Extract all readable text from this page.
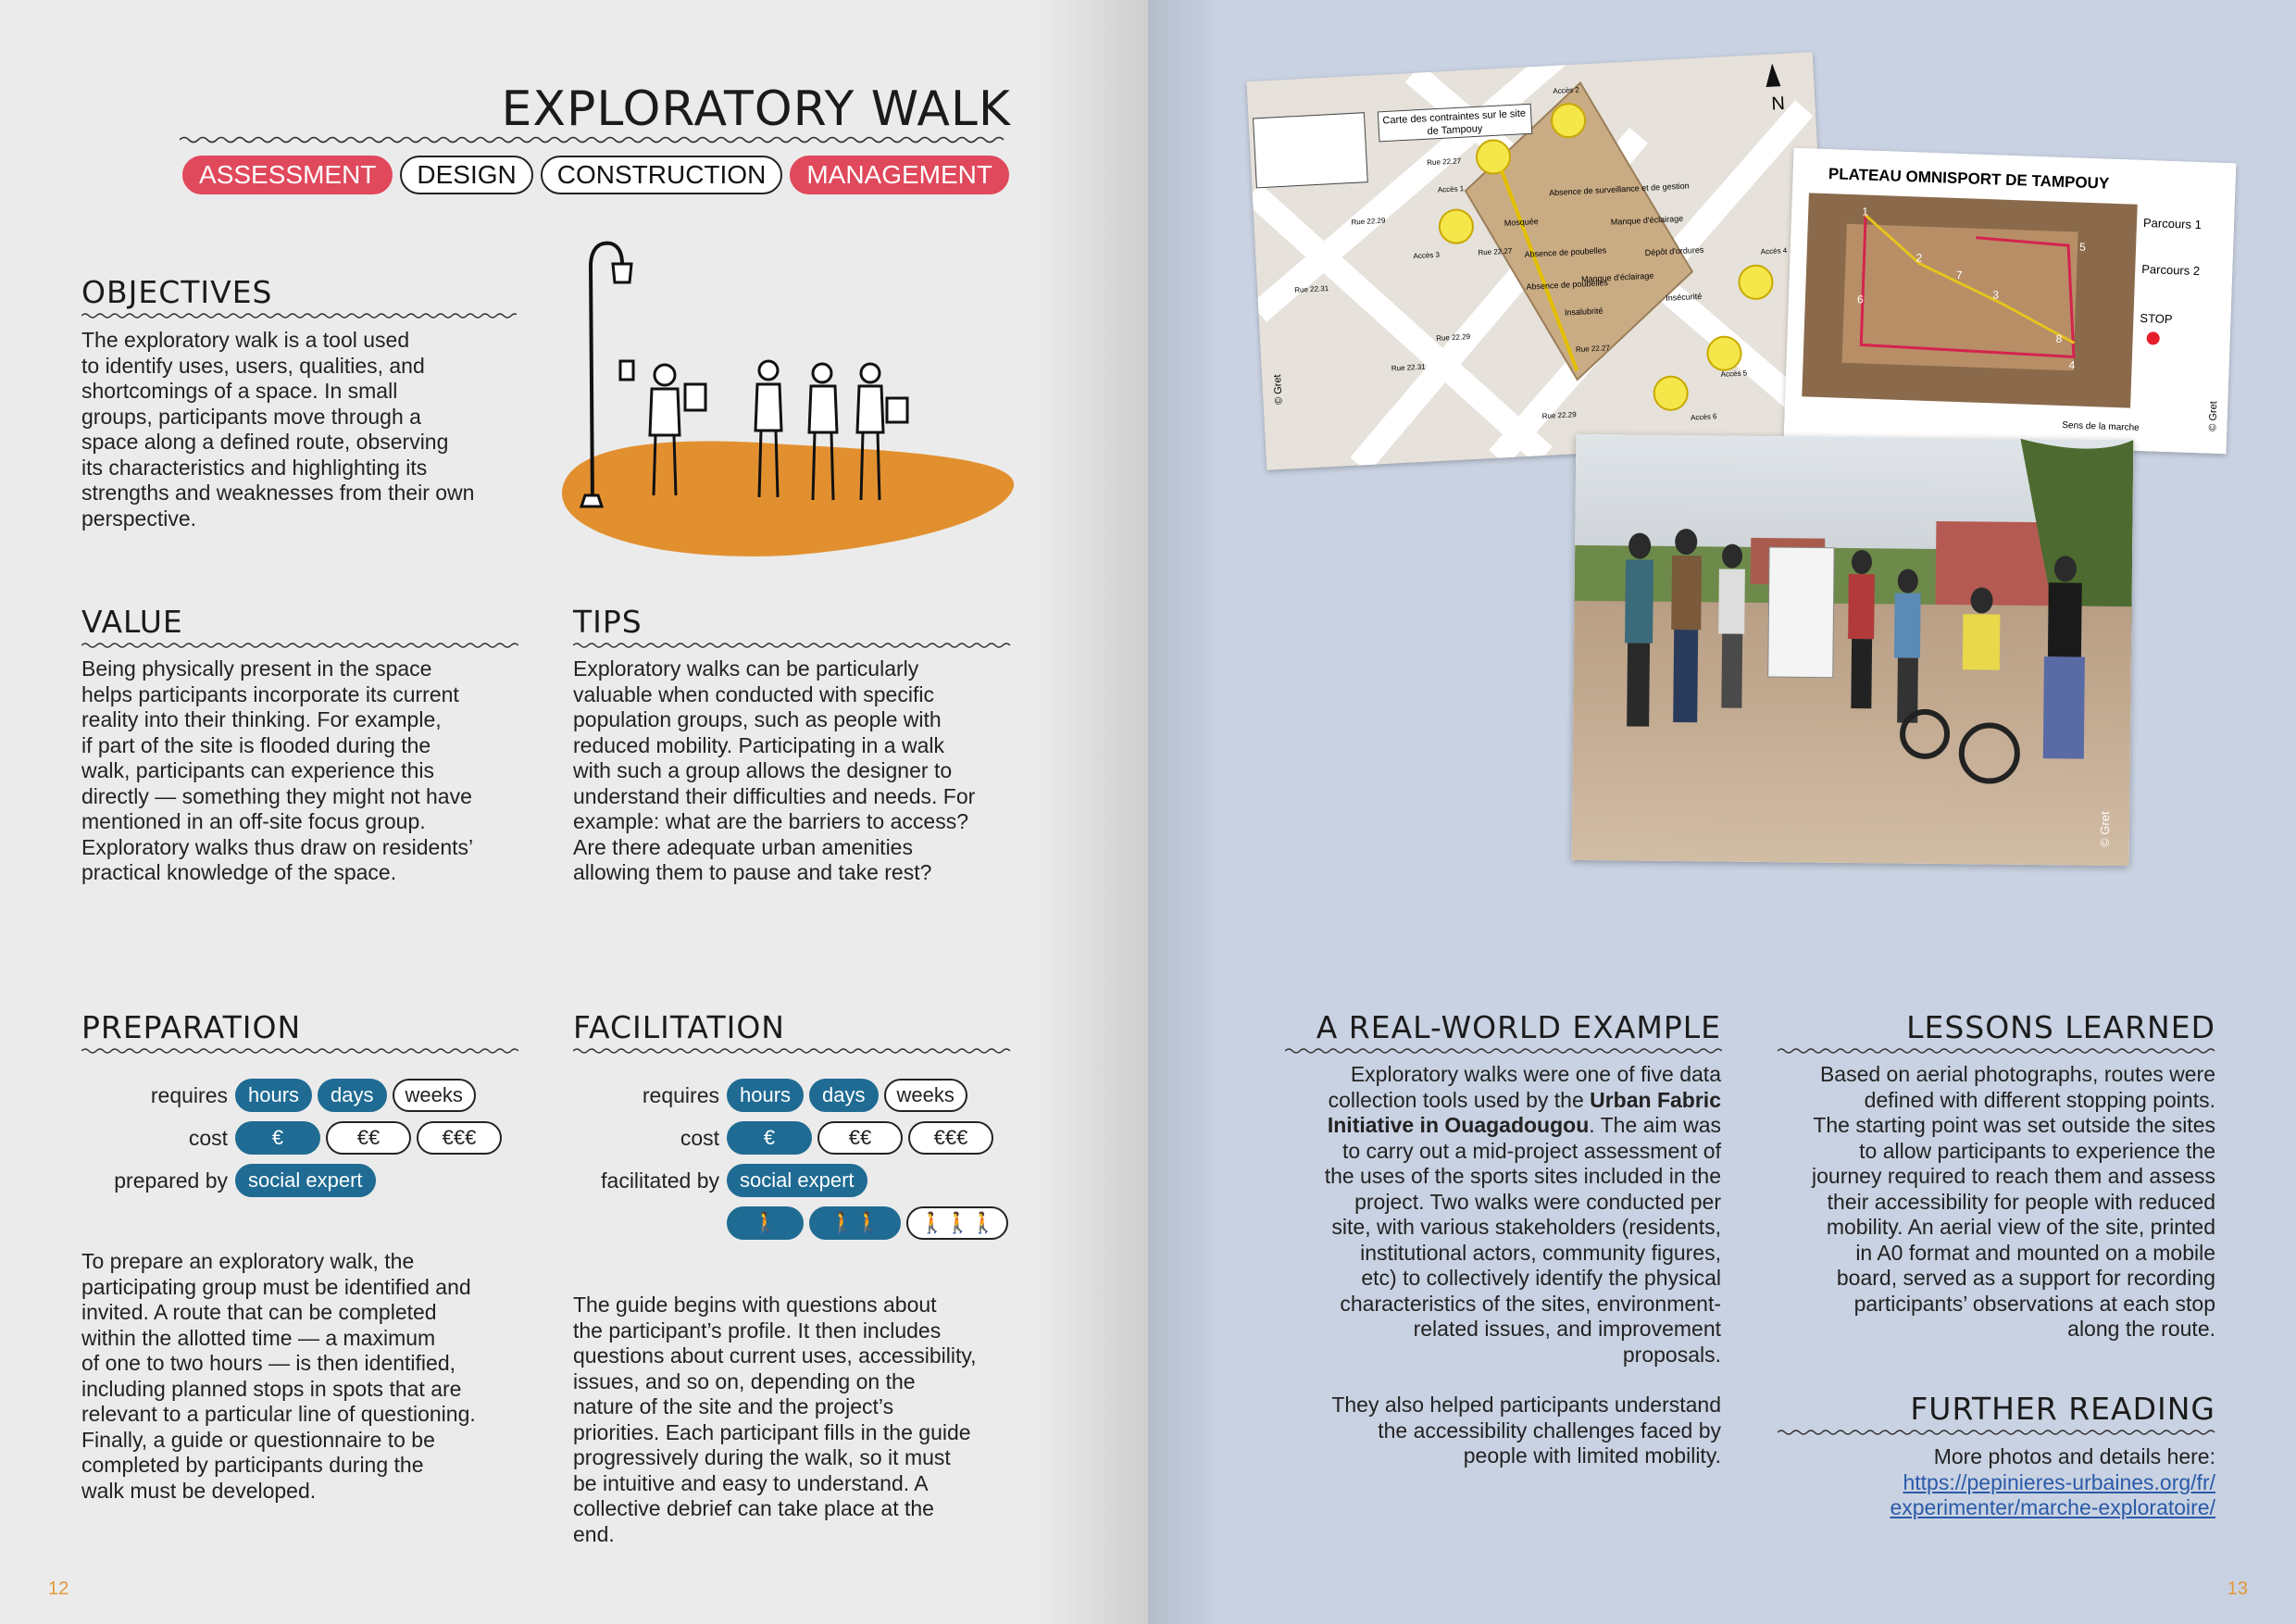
EXPLORATORY WALK
ASSESSMENT	DESIGN	CONSTRUCTION	MANAGEMENT
OBJECTIVES
The exploratory walk is a tool used
to identify uses, users, qualities, and
shortcomings of a space. In small
groups, participants move through a
space along a defined route, observing
its characteristics and highlighting its
strengths and weaknesses from their own
perspective.
VALUE
Being physically present in the space
helps participants incorporate its current
reality into their thinking. For example,
if part of the site is flooded during the
walk, participants can experience this
directly — something they might not have
mentioned in an off-site focus group.
Exploratory walks thus draw on residents’
practical knowledge of the space.
TIPS
Exploratory walks can be particularly
valuable when conducted with specific
population groups, such as people with
reduced mobility. Participating in a walk
with such a group allows the designer to
understand their difficulties and needs. For
example: what are the barriers to access?
Are there adequate urban amenities
allowing them to pause and take rest?
PREPARATION
requires	hours	days	weeks
cost	€	€€	€€€
prepared by	social expert
To prepare an exploratory walk, the
participating group must be identified and
invited. A route that can be completed
within the allotted time — a maximum
of one to two hours — is then identified,
including planned stops in spots that are
relevant to a particular line of questioning.
Finally, a guide or questionnaire to be
completed by participants during the
walk must be developed.
FACILITATION
requires	hours	days	weeks
cost	€	€€	€€€
facilitated by	social expert
🚶	🚶🚶	🚶🚶🚶
The guide begins with questions about
the participant’s profile. It then includes
questions about current uses, accessibility,
issues, and so on, depending on the
nature of the site and the project’s
priorities. Each participant fills in the guide
progressively during the walk, so it must
be intuitive and easy to understand. A
collective debrief can take place at the
end.
12
Carte des contraintes sur le sitede Tampouy
N
© Gret
Absence de surveillance et de gestion
Mosquée	Manque d'éclairage
Absence de poubelles	Dépôt d'ordures
Insécurité
Manque d'éclairage
Insalubrité
Absence de poubelles
Accès 1
Accès 2
Accès 3	Accès 4
Accès 5
Accès 6
Rue 22.27
Rue 22.29
Rue 22.31
Rue 22.27
Rue 22.29
Rue 22.31
Rue 22.27
Rue 22.29
PLATEAU OMNISPORT DE TAMPOUY
Parcours 1
Parcours 2
STOP
Sens de la marche	© Gret
1
2
3
4
5
6
7
8
© Gret
A REAL-WORLD EXAMPLE
Exploratory walks were one of five data
collection tools used by the Urban Fabric
Initiative in Ouagadougou. The aim was
to carry out a mid-project assessment of
the uses of the sports sites included in the
project. Two walks were conducted per
site, with various stakeholders (residents,
institutional actors, community figures,
etc) to collectively identify the physical
characteristics of the sites, environment-
related issues, and improvement
proposals.
They also helped participants understand
the accessibility challenges faced by
people with limited mobility.
LESSONS LEARNED
Based on aerial photographs, routes were
defined with different stopping points.
The starting point was set outside the sites
to allow participants to experience the
journey required to reach them and assess
their accessibility for people with reduced
mobility. An aerial view of the site, printed
in A0 format and mounted on a mobile
board, served as a support for recording
participants’ observations at each stop
along the route.
FURTHER READING
More photos and details here:
https://pepinieres-urbaines.org/fr/
experimenter/marche-exploratoire/
13
